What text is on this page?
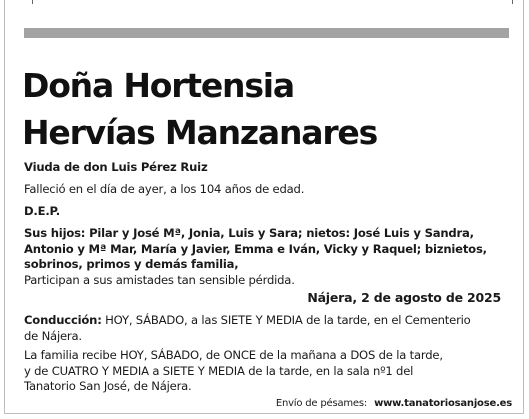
Doña Hortensia
Hervías Manzanares
Viuda de don Luis Pérez Ruiz
Falleció en el día de ayer, a los 104 años de edad.
D.E.P.
Sus hijos: Pilar y José Mª, Jonia, Luis y Sara; nietos: José Luis y Sandra,
Antonio y Mª Mar, María y Javier, Emma e Iván, Vicky y Raquel; biznietos,
sobrinos, primos y demás familia,
Participan a sus amistades tan sensible pérdida.
Nájera, 2 de agosto de 2025
Conducción: HOY, SÁBADO, a las SIETE Y MEDIA de la tarde, en el Cementerio
de Nájera.
La familia recibe HOY, SÁBADO, de ONCE de la mañana a DOS de la tarde,
y de CUATRO Y MEDIA a SIETE Y MEDIA de la tarde, en la sala nº1 del
Tanatorio San José, de Nájera.
Envío de pésames: www.tanatoriosanjose.es
